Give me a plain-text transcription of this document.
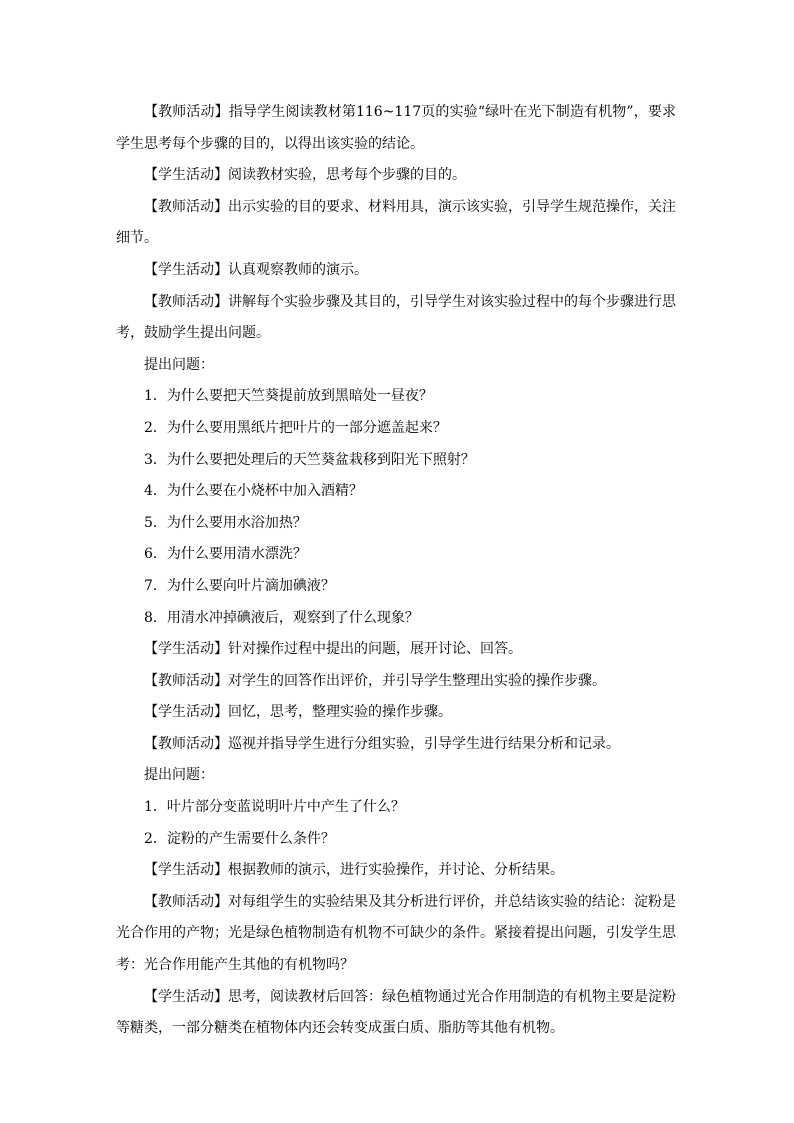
【教师活动】指导学生阅读教材第116~117页的实验“绿叶在光下制造有机物”，要求学生思考每个步骤的目的，以得出该实验的结论。

【学生活动】阅读教材实验，思考每个步骤的目的。

【教师活动】出示实验的目的要求、材料用具，演示该实验，引导学生规范操作，关注细节。

【学生活动】认真观察教师的演示。

【教师活动】讲解每个实验步骤及其目的，引导学生对该实验过程中的每个步骤进行思考，鼓励学生提出问题。

提出问题：

1．为什么要把天竺葵提前放到黑暗处一昼夜？

2．为什么要用黑纸片把叶片的一部分遮盖起来？

3．为什么要把处理后的天竺葵盆栽移到阳光下照射？

4．为什么要在小烧杯中加入酒精？

5．为什么要用水浴加热？

6．为什么要用清水漂洗？

7．为什么要向叶片滴加碘液？

8．用清水冲掉碘液后，观察到了什么现象？

【学生活动】针对操作过程中提出的问题，展开讨论、回答。

【教师活动】对学生的回答作出评价，并引导学生整理出实验的操作步骤。

【学生活动】回忆，思考，整理实验的操作步骤。

【教师活动】巡视并指导学生进行分组实验，引导学生进行结果分析和记录。

提出问题：

1．叶片部分变蓝说明叶片中产生了什么？

2．淀粉的产生需要什么条件？

【学生活动】根据教师的演示，进行实验操作，并讨论、分析结果。

【教师活动】对每组学生的实验结果及其分析进行评价，并总结该实验的结论：淀粉是光合作用的产物；光是绿色植物制造有机物不可缺少的条件。紧接着提出问题，引发学生思考：光合作用能产生其他的有机物吗？

【学生活动】思考，阅读教材后回答：绿色植物通过光合作用制造的有机物主要是淀粉等糖类，一部分糖类在植物体内还会转变成蛋白质、脂肪等其他有机物。
